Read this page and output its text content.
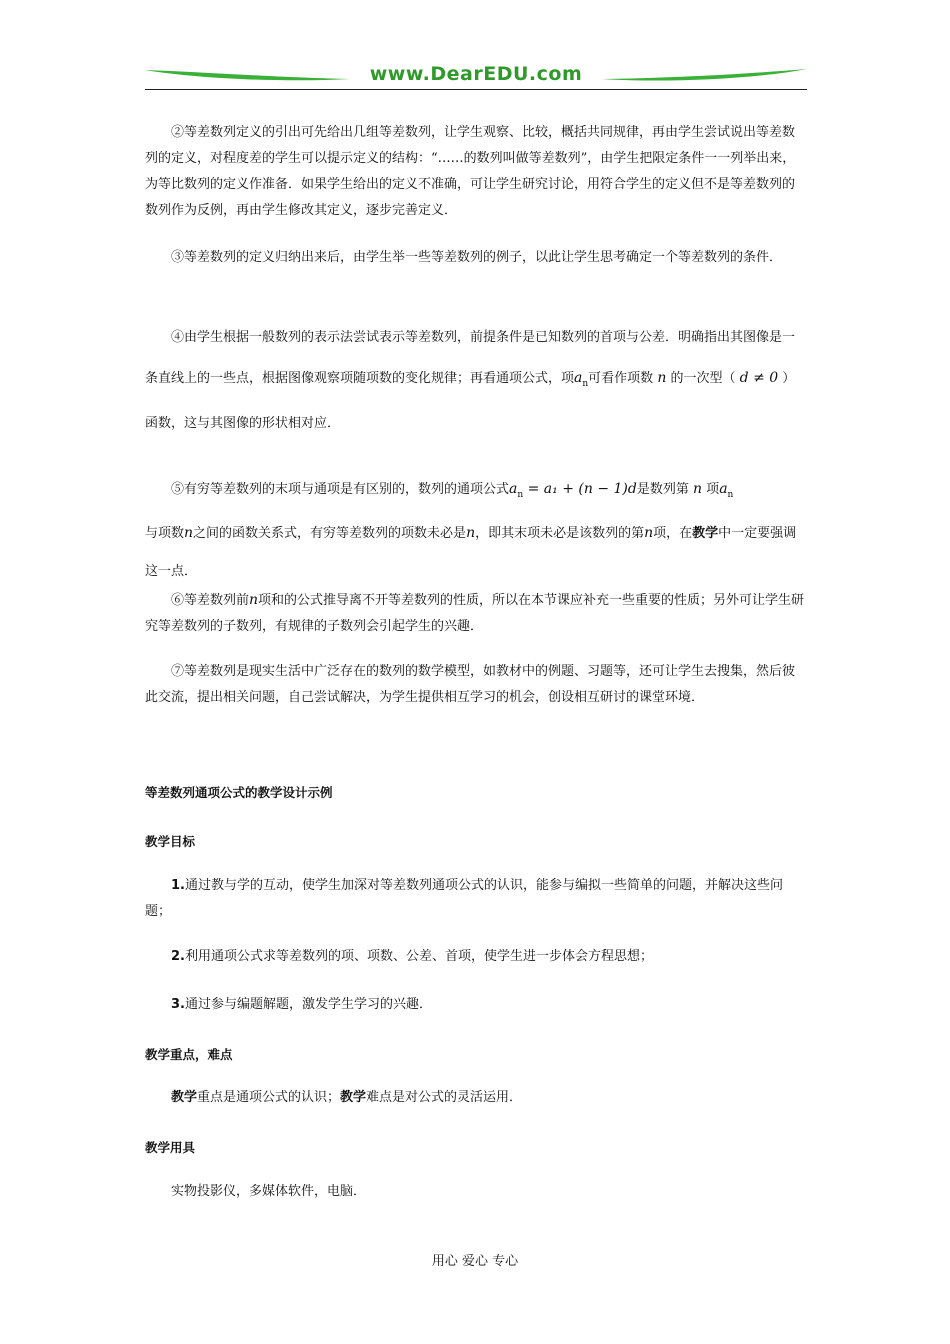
www.DearEDU.com

②等差数列定义的引出可先给出几组等差数列，让学生观察、比较，概括共同规律，再由学生尝试说出等差数列的定义，对程度差的学生可以提示定义的结构：“……的数列叫做等差数列”，由学生把限定条件一一列举出来，为等比数列的定义作准备．如果学生给出的定义不准确，可让学生研究讨论，用符合学生的定义但不是等差数列的数列作为反例，再由学生修改其定义，逐步完善定义．

③等差数列的定义归纳出来后，由学生举一些等差数列的例子，以此让学生思考确定一个等差数列的条件．

④由学生根据一般数列的表示法尝试表示等差数列，前提条件是已知数列的首项与公差．明确指出其图像是一条直线上的一些点，根据图像观察项随项数的变化规律；再看通项公式，项$a_n$可看作项数 n 的一次型（ d ≠ 0 ）函数，这与其图像的形状相对应．

⑤有穷等差数列的末项与通项是有区别的，数列的通项公式$a_n = a_1 + (n - 1)d$是数列第 n 项$a_n$
与项数n之间的函数关系式，有穷等差数列的项数未必是n，即其末项未必是该数列的第n项，在教学中一定要强调这一点．

⑥等差数列前n项和的公式推导离不开等差数列的性质，所以在本节课应补充一些重要的性质；另外可让学生研究等差数列的子数列，有规律的子数列会引起学生的兴趣．

⑦等差数列是现实生活中广泛存在的数列的数学模型，如教材中的例题、习题等，还可让学生去搜集，然后彼此交流，提出相关问题，自己尝试解决，为学生提供相互学习的机会，创设相互研讨的课堂环境．

等差数列通项公式的教学设计示例

教学目标

1.通过教与学的互动，使学生加深对等差数列通项公式的认识，能参与编拟一些简单的问题，并解决这些问题；

2.利用通项公式求等差数列的项、项数、公差、首项，使学生进一步体会方程思想；

3.通过参与编题解题，激发学生学习的兴趣．

教学重点，难点

教学重点是通项公式的认识；教学难点是对公式的灵活运用．

教学用具

实物投影仪，多媒体软件，电脑．

用心 爱心 专心
